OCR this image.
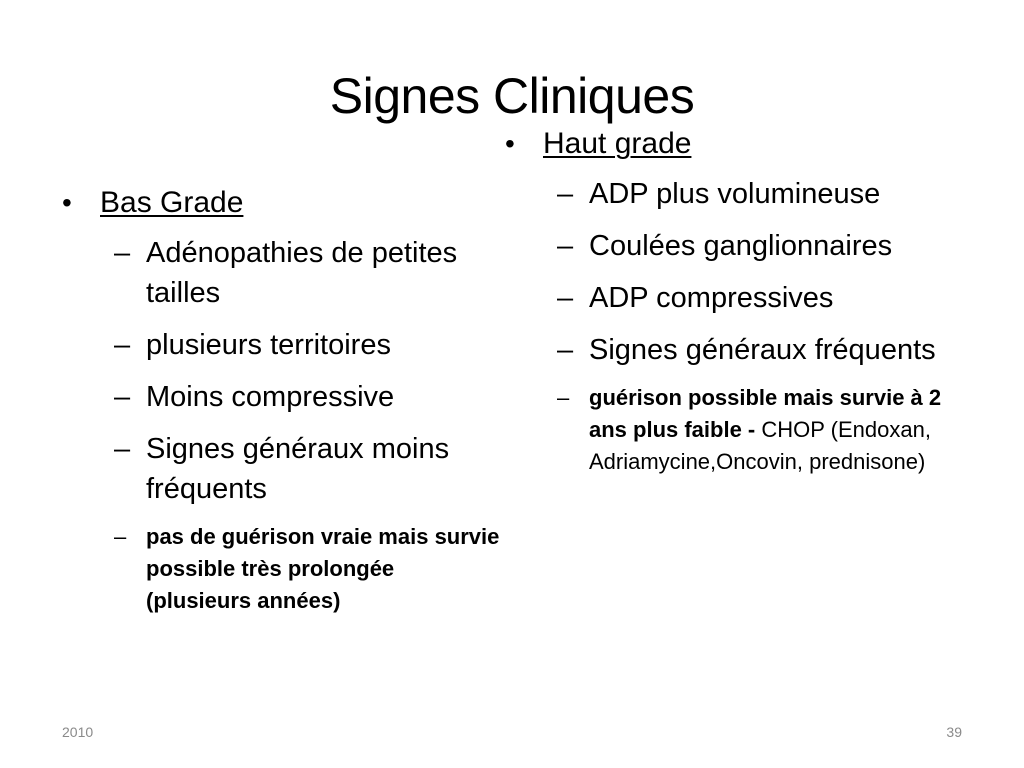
Signes Cliniques
• Bas Grade
– Adénopathies de petites tailles
– plusieurs territoires
– Moins compressive
– Signes généraux moins fréquents
– pas de guérison vraie mais survie possible très prolongée (plusieurs années)
• Haut grade
– ADP plus volumineuse
– Coulées ganglionnaires
– ADP compressives
– Signes généraux fréquents
– guérison possible mais survie à 2 ans plus faible - CHOP (Endoxan, Adriamycine,Oncovin, prednisone)
2010	39
